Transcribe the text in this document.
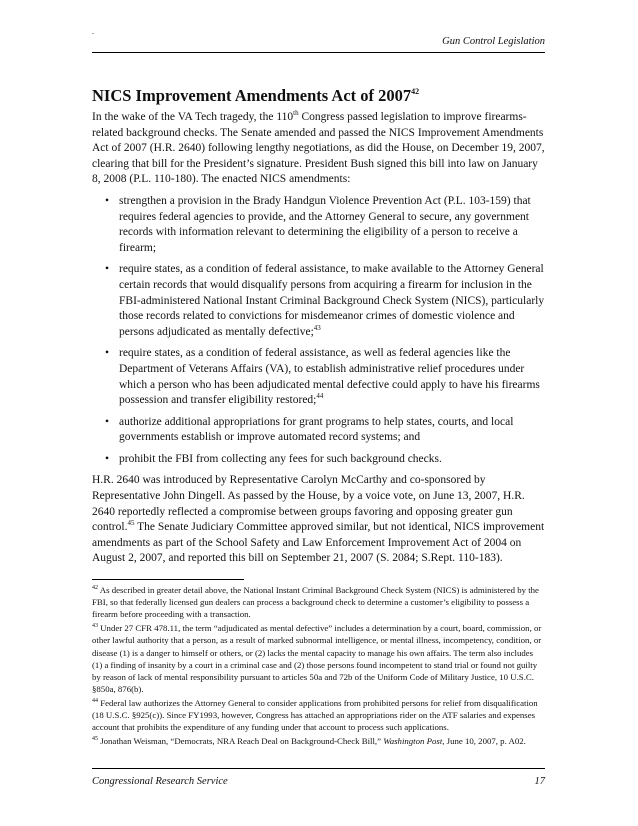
.
Gun Control Legislation
NICS Improvement Amendments Act of 2007$^{42}$

In the wake of the VA Tech tragedy, the 110th Congress passed legislation to improve firearms-related background checks. The Senate amended and passed the NICS Improvement Amendments Act of 2007 (H.R. 2640) following lengthy negotiations, as did the House, on December 19, 2007, clearing that bill for the President’s signature. President Bush signed this bill into law on January 8, 2008 (P.L. 110-180). The enacted NICS amendments:

• strengthen a provision in the Brady Handgun Violence Prevention Act (P.L. 103-159) that requires federal agencies to provide, and the Attorney General to secure, any government records with information relevant to determining the eligibility of a person to receive a firearm;
• require states, as a condition of federal assistance, to make available to the Attorney General certain records that would disqualify persons from acquiring a firearm for inclusion in the FBI-administered National Instant Criminal Background Check System (NICS), particularly those records related to convictions for misdemeanor crimes of domestic violence and persons adjudicated as mentally defective;$^{43}$
• require states, as a condition of federal assistance, as well as federal agencies like the Department of Veterans Affairs (VA), to establish administrative relief procedures under which a person who has been adjudicated mental defective could apply to have his firearms possession and transfer eligibility restored;$^{44}$
• authorize additional appropriations for grant programs to help states, courts, and local governments establish or improve automated record systems; and
• prohibit the FBI from collecting any fees for such background checks.

H.R. 2640 was introduced by Representative Carolyn McCarthy and co-sponsored by Representative John Dingell. As passed by the House, by a voice vote, on June 13, 2007, H.R. 2640 reportedly reflected a compromise between groups favoring and opposing greater gun control.$^{45}$ The Senate Judiciary Committee approved similar, but not identical, NICS improvement amendments as part of the School Safety and Law Enforcement Improvement Act of 2004 on August 2, 2007, and reported this bill on September 21, 2007 (S. 2084; S.Rept. 110-183).

$^{42}$ As described in greater detail above, the National Instant Criminal Background Check System (NICS) is administered by the FBI, so that federally licensed gun dealers can process a background check to determine a customer’s eligibility to possess a firearm before proceeding with a transaction.

$^{43}$ Under 27 CFR 478.11, the term “adjudicated as mental defective” includes a determination by a court, board, commission, or other lawful authority that a person, as a result of marked subnormal intelligence, or mental illness, incompetency, condition, or disease (1) is a danger to himself or others, or (2) lacks the mental capacity to manage his own affairs. The term also includes (1) a finding of insanity by a court in a criminal case and (2) those persons found incompetent to stand trial or found not guilty by reason of lack of mental responsibility pursuant to articles 50a and 72b of the Uniform Code of Military Justice, 10 U.S.C. §850a, 876(b).

$^{44}$ Federal law authorizes the Attorney General to consider applications from prohibited persons for relief from disqualification (18 U.S.C. §925(c)). Since FY1993, however, Congress has attached an appropriations rider on the ATF salaries and expenses account that prohibits the expenditure of any funding under that account to process such applications.

$^{45}$ Jonathan Weisman, “Democrats, NRA Reach Deal on Background-Check Bill,” Washington Post, June 10, 2007, p. A02.

Congressional Research Service	17
